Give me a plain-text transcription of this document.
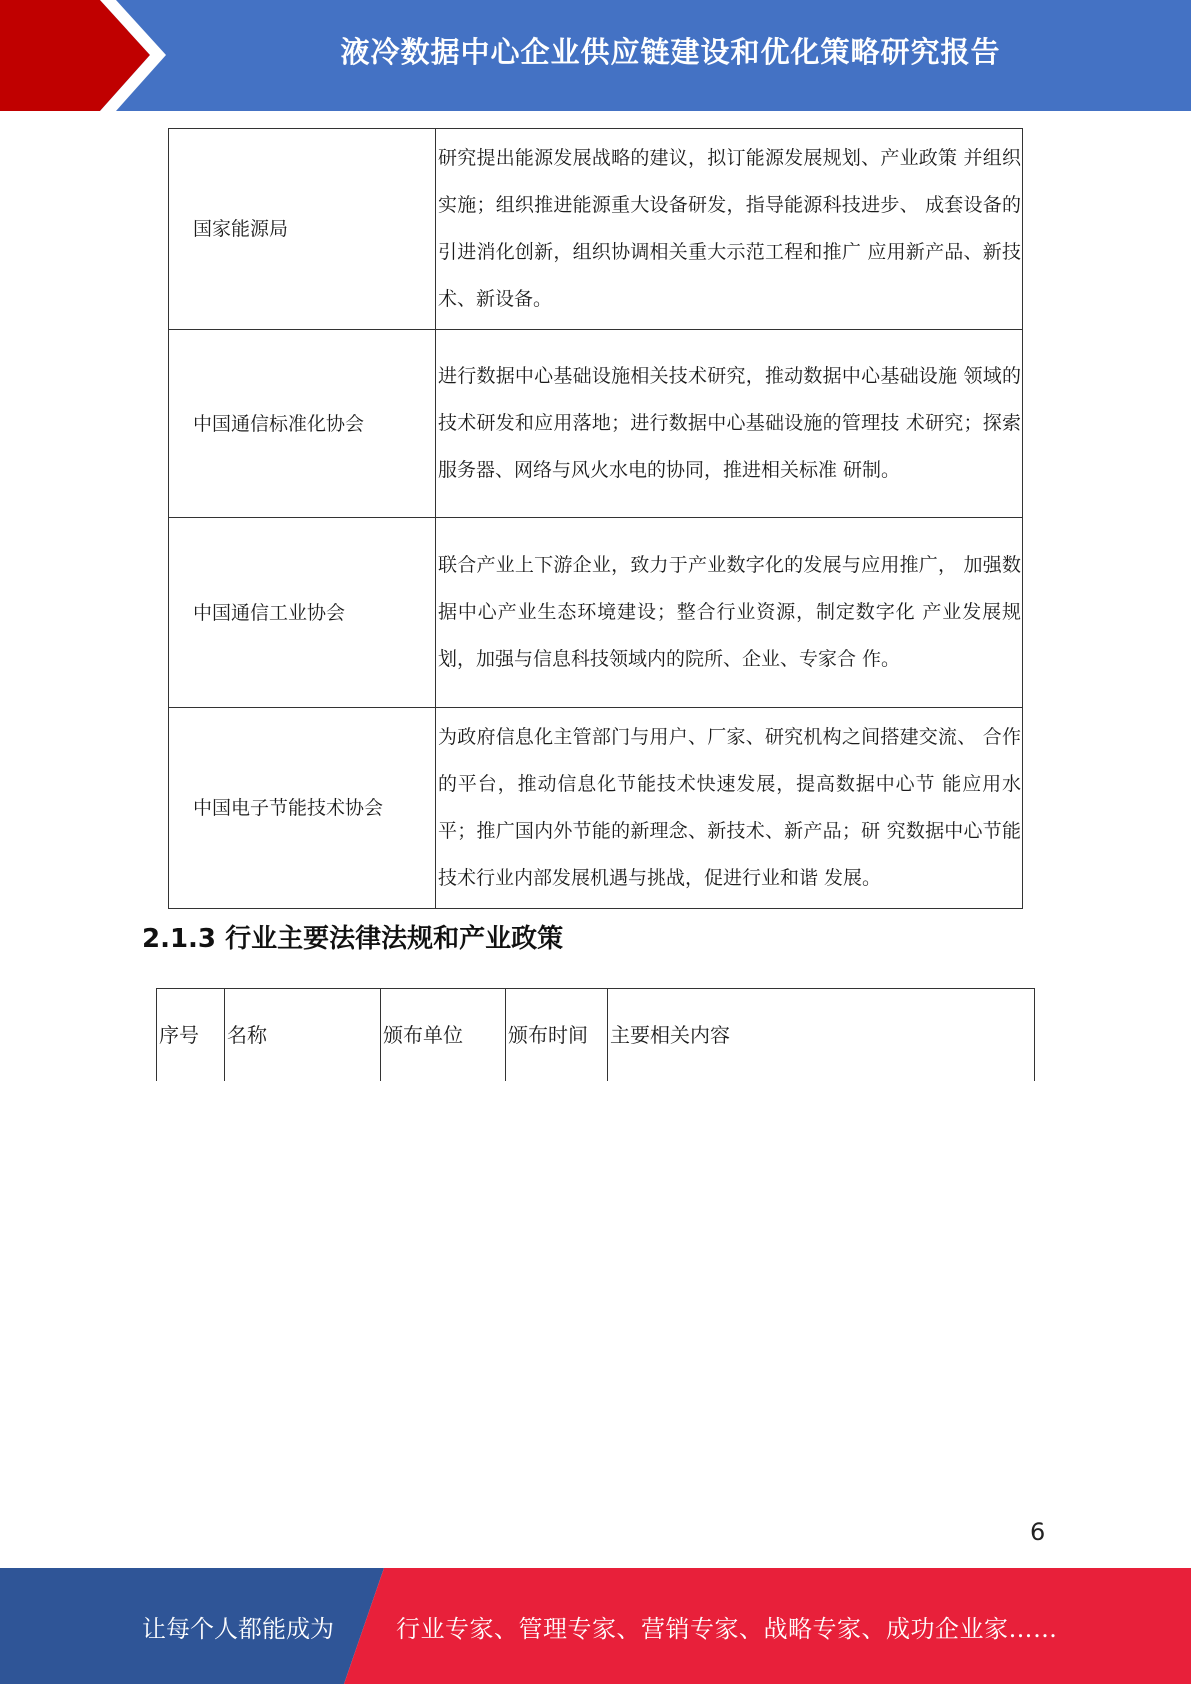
液冷数据中心企业供应链建设和优化策略研究报告
国家能源局	研究提出能源发展战略的建议，拟订能源发展规划、产业政策 并组织实施；组织推进能源重大设备研发，指导能源科技进步、 成套设备的引进消化创新，组织协调相关重大示范工程和推广 应用新产品、新技术、新设备。
中国通信标准化协会	进行数据中心基础设施相关技术研究，推动数据中心基础设施 领域的技术研发和应用落地；进行数据中心基础设施的管理技 术研究；探索服务器、网络与风火水电的协同，推进相关标准 研制。
中国通信工业协会	联合产业上下游企业，致力于产业数字化的发展与应用推广， 加强数据中心产业生态环境建设；整合行业资源，制定数字化 产业发展规划，加强与信息科技领域内的院所、企业、专家合 作。
中国电子节能技术协会	为政府信息化主管部门与用户、厂家、研究机构之间搭建交流、 合作的平台，推动信息化节能技术快速发展，提高数据中心节 能应用水平；推广国内外节能的新理念、新技术、新产品；研 究数据中心节能技术行业内部发展机遇与挑战，促进行业和谐 发展。
2.1.3 行业主要法律法规和产业政策
序号	名称	颁布单位	颁布时间	主要相关内容
6
让每个人都能成为	行业专家、管理专家、营销专家、战略专家、成功企业家……
